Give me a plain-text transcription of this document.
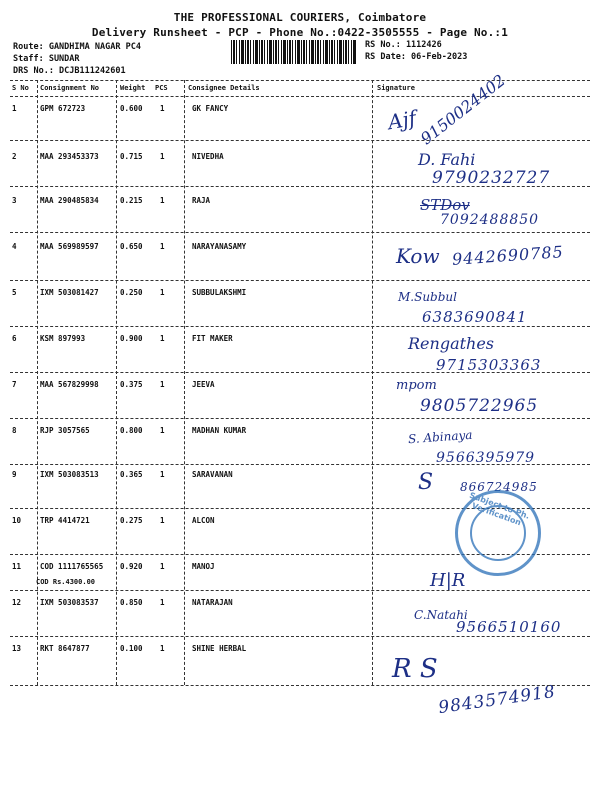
THE PROFESSIONAL COURIERS, Coimbatore
Delivery Runsheet - PCP - Phone No.:0422-3505555 - Page No.:1
Route: GANDHIMA NAGAR PC4
Staff: SUNDAR
DRS No.: DCJB111242601
RS No.: 1112426
RS Date: 06-Feb-2023
S No Consignment No	Weight PCS	Consignee Details	Signature
1	GPM 672723	0.600 1	GK FANCY	Ajf 9150024402
2	MAA 293453373	0.715 1	NIVEDHA	D. Fahi
9790232727
3	MAA 290485834	0.215 1	RAJA	STDov
7092488850
4	MAA 569989597	0.650 1	NARAYANASAMY	Kow 9442690785
5	IXM 503081427	0.250 1	SUBBULAKSHMI	M.Subbul
6383690841
6	KSM 897993	0.900 1	FIT MAKER	Rengathes
9715303363
7	MAA 567829998	0.375 1	JEEVA	mpom
9805722965
8	RJP 3057565	0.800 1	MADHAN KUMAR	S. Abinaya
9566395979
9	IXM 503083513	0.365 1	SARAVANAN	S 866724985
10	TRP 4414721	0.275 1	ALCON	Subject to Ph. Verification
11	COD 1111765565 0.920 1	MANOJ
COD Rs.4300.00	H|R
12	IXM 503083537	0.850 1	NATARAJAN
C.Natahi
9566510160
13	RKT 8647877	0.100 1	SHINE HERBAL
R S
9843574918
